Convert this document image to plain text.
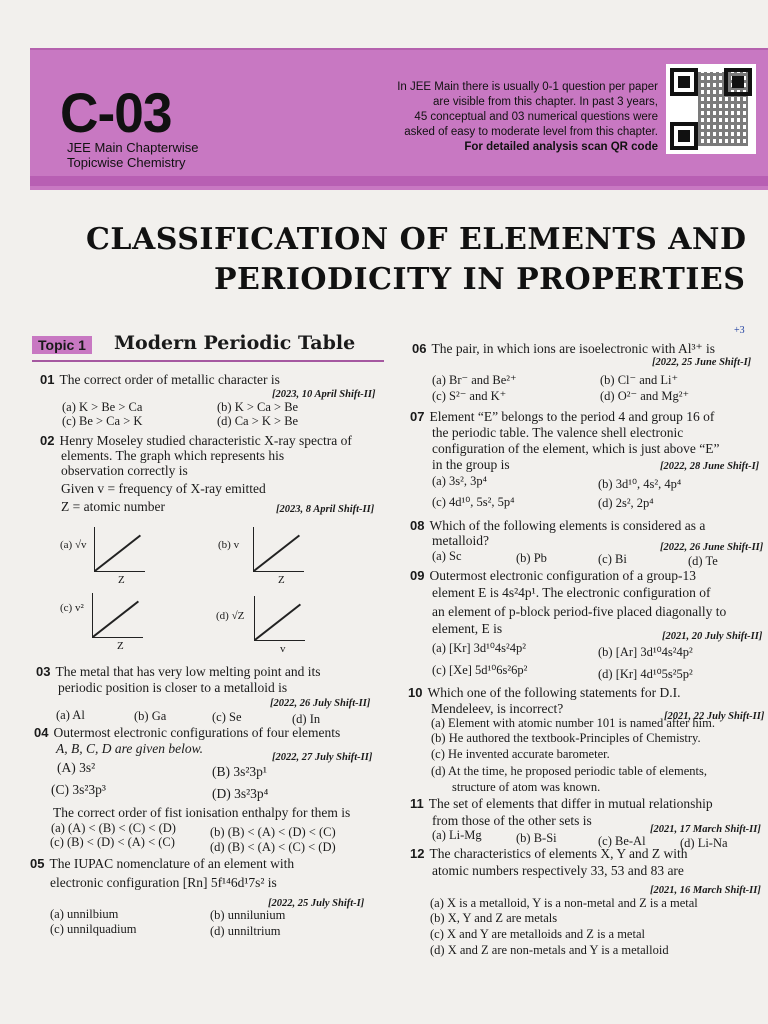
C-03
JEE Main Chapterwise
Topicwise Chemistry
In JEE Main there is usually 0-1 question per paper
are visible from this chapter. In past 3 years,
45 conceptual and 03 numerical questions were
asked of easy to moderate level from this chapter.
For detailed analysis scan QR code
CLASSIFICATION OF ELEMENTS AND
PERIODICITY IN PROPERTIES
Topic 1	Modern Periodic Table
+3
01 The correct order of metallic character is
[2023, 10 April Shift-II]
(a) K > Be > Ca	(b) K > Ca > Be
(c) Be > Ca > K	(d) Ca > K > Be
02 Henry Moseley studied characteristic X-ray spectra of
elements. The graph which represents his
observation correctly is
Given v = frequency of X-ray emitted
Z = atomic number	[2023, 8 April Shift-II]
(a) √v
Z
(b) v
Z
(c) v²
Z
(d) √Z
v
03 The metal that has very low melting point and its
periodic position is closer to a metalloid is
[2022, 26 July Shift-II]
(a) Al	(b) Ga	(c) Se	(d) In
04 Outermost electronic configurations of four elements
A, B, C, D are given below.
[2022, 27 July Shift-II]
(A) 3s²	(B) 3s²3p¹
(C) 3s²3p³	(D) 3s²3p⁴
The correct order of fist ionisation enthalpy for them is
(a) (A) < (B) < (C) < (D)	(b) (B) < (A) < (D) < (C)
(c) (B) < (D) < (A) < (C)	(d) (B) < (A) < (C) < (D)
05 The IUPAC nomenclature of an element with
electronic configuration [Rn] 5f¹⁴6d¹7s² is
[2022, 25 July Shift-I]
(a) unnilbium	(b) unnilunium
(c) unnilquadium	(d) unniltrium
06 The pair, in which ions are isoelectronic with Al³⁺ is
[2022, 25 June Shift-I]
(a) Br⁻ and Be²⁺	(b) Cl⁻ and Li⁺
(c) S²⁻ and K⁺	(d) O²⁻ and Mg²⁺
07 Element “E” belongs to the period 4 and group 16 of
the periodic table. The valence shell electronic
configuration of the element, which is just above “E”
in the group is	[2022, 28 June Shift-I]
(a) 3s², 3p⁴	(b) 3d¹⁰, 4s², 4p⁴
(c) 4d¹⁰, 5s², 5p⁴	(d) 2s², 2p⁴
08 Which of the following elements is considered as a
metalloid?	[2022, 26 June Shift-II]
(a) Sc	(b) Pb	(c) Bi	(d) Te
09 Outermost electronic configuration of a group-13
element E is 4s²4p¹. The electronic configuration of
an element of p-block period-five placed diagonally to
element, E is
[2021, 20 July Shift-II]
(a) [Kr] 3d¹⁰4s²4p²	(b) [Ar] 3d¹⁰4s²4p²
(c) [Xe] 5d¹⁰6s²6p²	(d) [Kr] 4d¹⁰5s²5p²
10 Which one of the following statements for D.I.
Mendeleev, is incorrect?
[2021, 22 July Shift-II]
(a) Element with atomic number 101 is named after him.
(b) He authored the textbook-Principles of Chemistry.
(c) He invented accurate barometer.
(d) At the time, he proposed periodic table of elements,
structure of atom was known.
11 The set of elements that differ in mutual relationship
from those of the other sets is
[2021, 17 March Shift-II]
(a) Li-Mg	(b) B-Si	(c) Be-Al	(d) Li-Na
12 The characteristics of elements X, Y and Z with
atomic numbers respectively 33, 53 and 83 are
[2021, 16 March Shift-II]
(a) X is a metalloid, Y is a non-metal and Z is a metal
(b) X, Y and Z are metals
(c) X and Y are metalloids and Z is a metal
(d) X and Z are non-metals and Y is a metalloid
